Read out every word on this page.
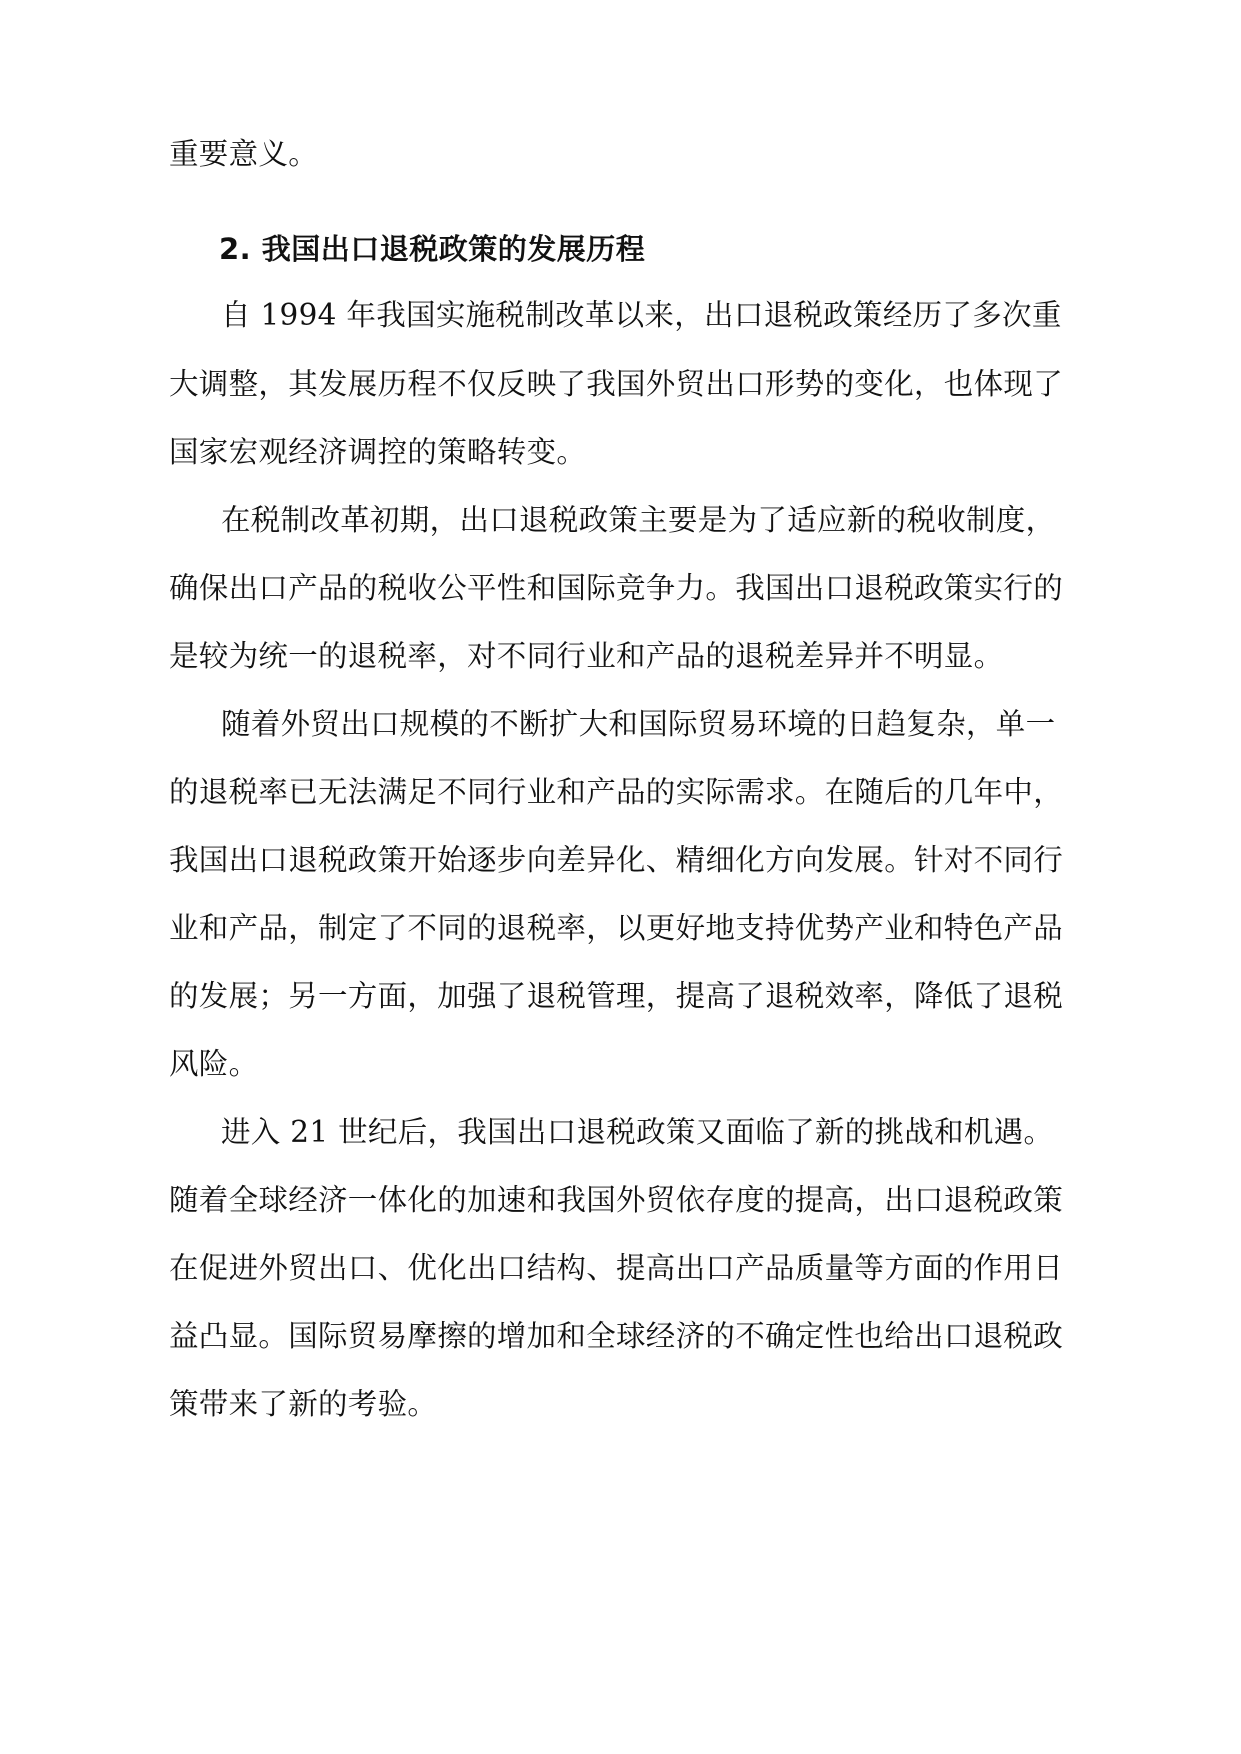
重要意义。
2. 我国出口退税政策的发展历程
自 1994 年我国实施税制改革以来，出口退税政策经历了多次重
大调整，其发展历程不仅反映了我国外贸出口形势的变化，也体现了
国家宏观经济调控的策略转变。
在税制改革初期，出口退税政策主要是为了适应新的税收制度，
确保出口产品的税收公平性和国际竞争力。我国出口退税政策实行的
是较为统一的退税率，对不同行业和产品的退税差异并不明显。
随着外贸出口规模的不断扩大和国际贸易环境的日趋复杂，单一
的退税率已无法满足不同行业和产品的实际需求。在随后的几年中，
我国出口退税政策开始逐步向差异化、精细化方向发展。针对不同行
业和产品，制定了不同的退税率，以更好地支持优势产业和特色产品
的发展；另一方面，加强了退税管理，提高了退税效率，降低了退税
风险。
进入 21 世纪后，我国出口退税政策又面临了新的挑战和机遇。
随着全球经济一体化的加速和我国外贸依存度的提高，出口退税政策
在促进外贸出口、优化出口结构、提高出口产品质量等方面的作用日
益凸显。国际贸易摩擦的增加和全球经济的不确定性也给出口退税政
策带来了新的考验。
